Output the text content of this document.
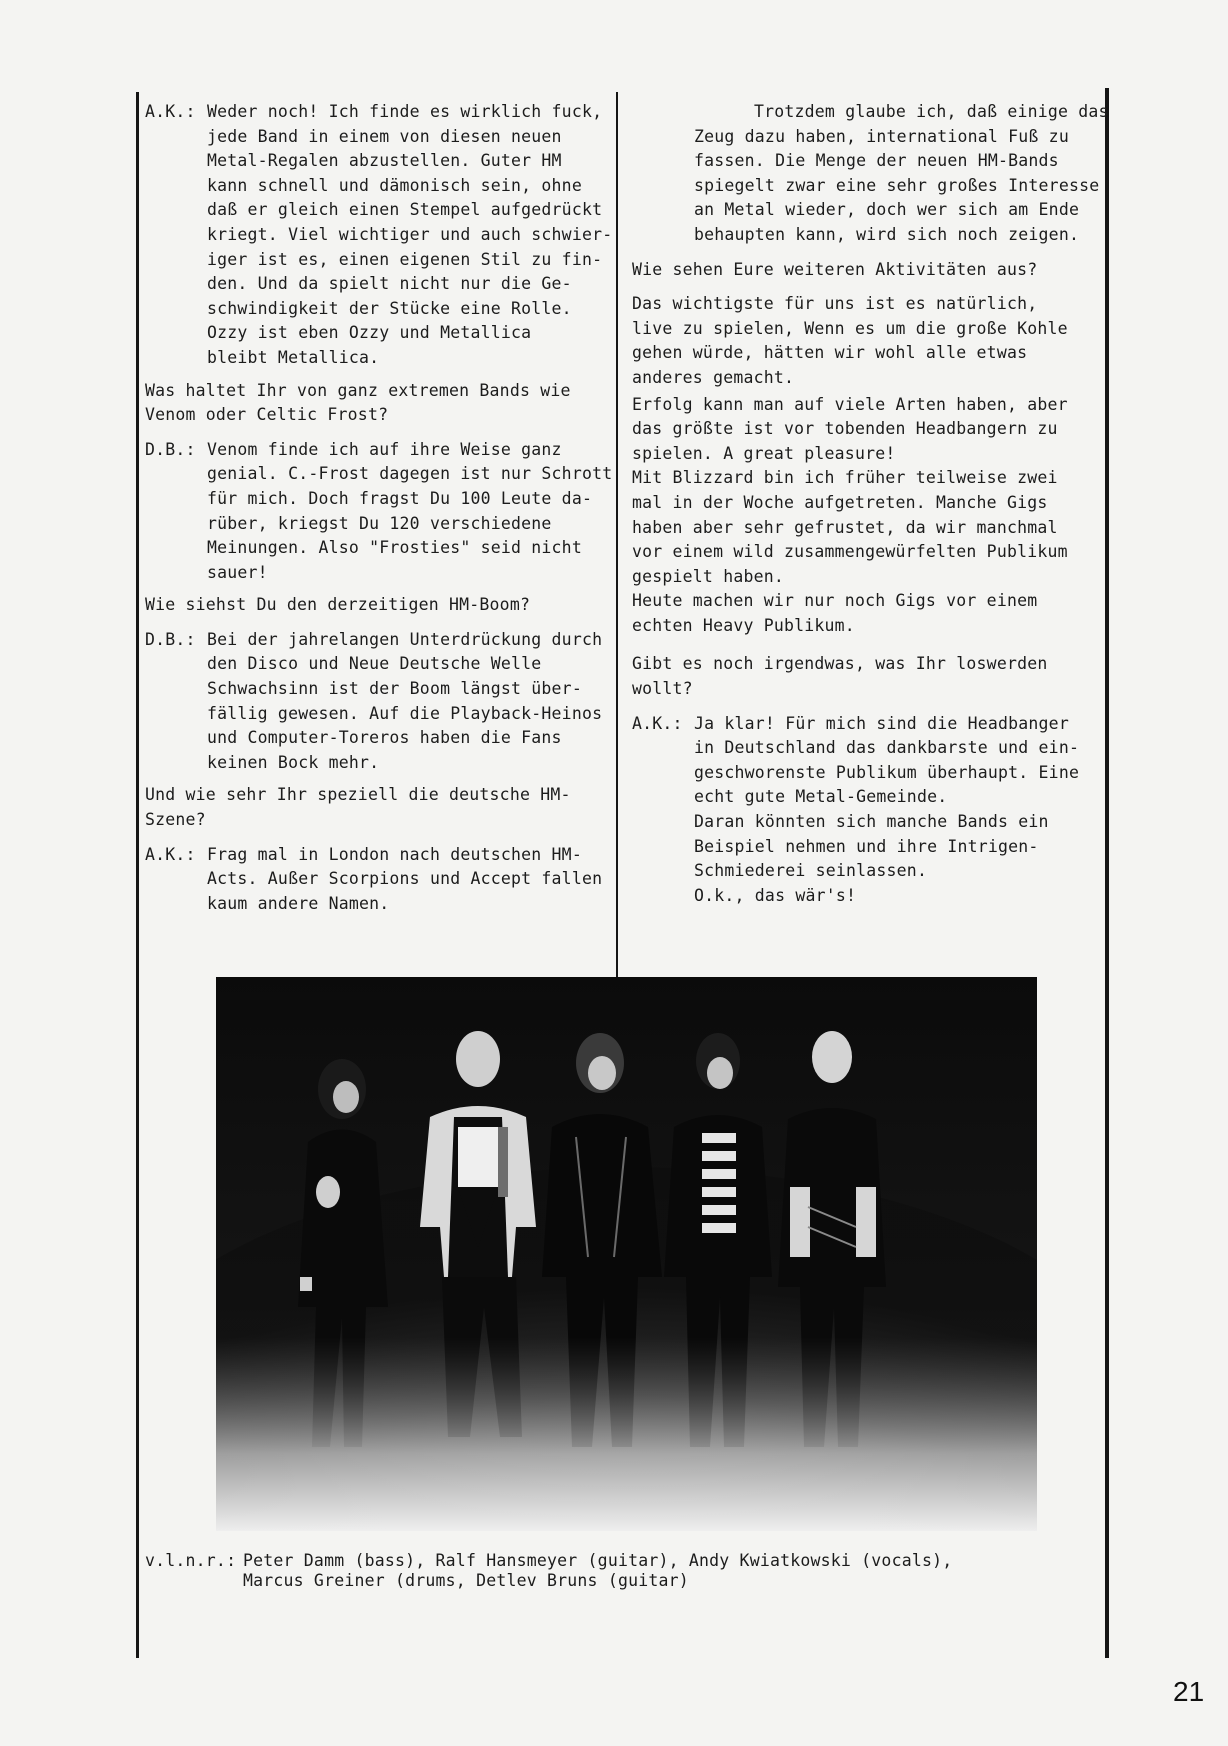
A.K.: Weder noch! Ich finde es wirklich fuck,
jede Band in einem von diesen neuen
Metal-Regalen abzustellen. Guter HM
kann schnell und dämonisch sein, ohne
daß er gleich einen Stempel aufgedrückt
kriegt. Viel wichtiger und auch schwier-
iger ist es, einen eigenen Stil zu fin-
den. Und da spielt nicht nur die Ge-
schwindigkeit der Stücke eine Rolle.
Ozzy ist eben Ozzy und Metallica
bleibt Metallica.
Was haltet Ihr von ganz extremen Bands wie
Venom oder Celtic Frost?
D.B.: Venom finde ich auf ihre Weise ganz
genial. C.-Frost dagegen ist nur Schrott
für mich. Doch fragst Du 100 Leute da-
rüber, kriegst Du 120 verschiedene
Meinungen. Also "Frosties" seid nicht
sauer!
Wie siehst Du den derzeitigen HM-Boom?
D.B.: Bei der jahrelangen Unterdrückung durch
den Disco und Neue Deutsche Welle
Schwachsinn ist der Boom längst über-
fällig gewesen. Auf die Playback-Heinos
und Computer-Toreros haben die Fans
keinen Bock mehr.
Und wie sehr Ihr speziell die deutsche HM-
Szene?
A.K.: Frag mal in London nach deutschen HM-
Acts. Außer Scorpions und Accept fallen
kaum andere Namen.
Trotzdem glaube ich, daß einige das
Zeug dazu haben, international Fuß zu
fassen. Die Menge der neuen HM-Bands
spiegelt zwar eine sehr großes Interesse
an Metal wieder, doch wer sich am Ende
behaupten kann, wird sich noch zeigen.
Wie sehen Eure weiteren Aktivitäten aus?
Das wichtigste für uns ist es natürlich,
live zu spielen, Wenn es um die große Kohle
gehen würde, hätten wir wohl alle etwas
anderes gemacht.
Erfolg kann man auf viele Arten haben, aber
das größte ist vor tobenden Headbangern zu
spielen. A great pleasure!
Mit Blizzard bin ich früher teilweise zwei
mal in der Woche aufgetreten. Manche Gigs
haben aber sehr gefrustet, da wir manchmal
vor einem wild zusammengewürfelten Publikum
gespielt haben.
Heute machen wir nur noch Gigs vor einem
echten Heavy Publikum.
Gibt es noch irgendwas, was Ihr loswerden
wollt?
A.K.: Ja klar! Für mich sind die Headbanger
in Deutschland das dankbarste und ein-
geschworenste Publikum überhaupt. Eine
echt gute Metal-Gemeinde.
Daran könnten sich manche Bands ein
Beispiel nehmen und ihre Intrigen-
Schmiederei seinlassen.
O.k., das wär's!
v.l.n.r.: Peter Damm (bass), Ralf Hansmeyer (guitar), Andy Kwiatkowski (vocals),
Marcus Greiner (drums, Detlev Bruns (guitar)
21
